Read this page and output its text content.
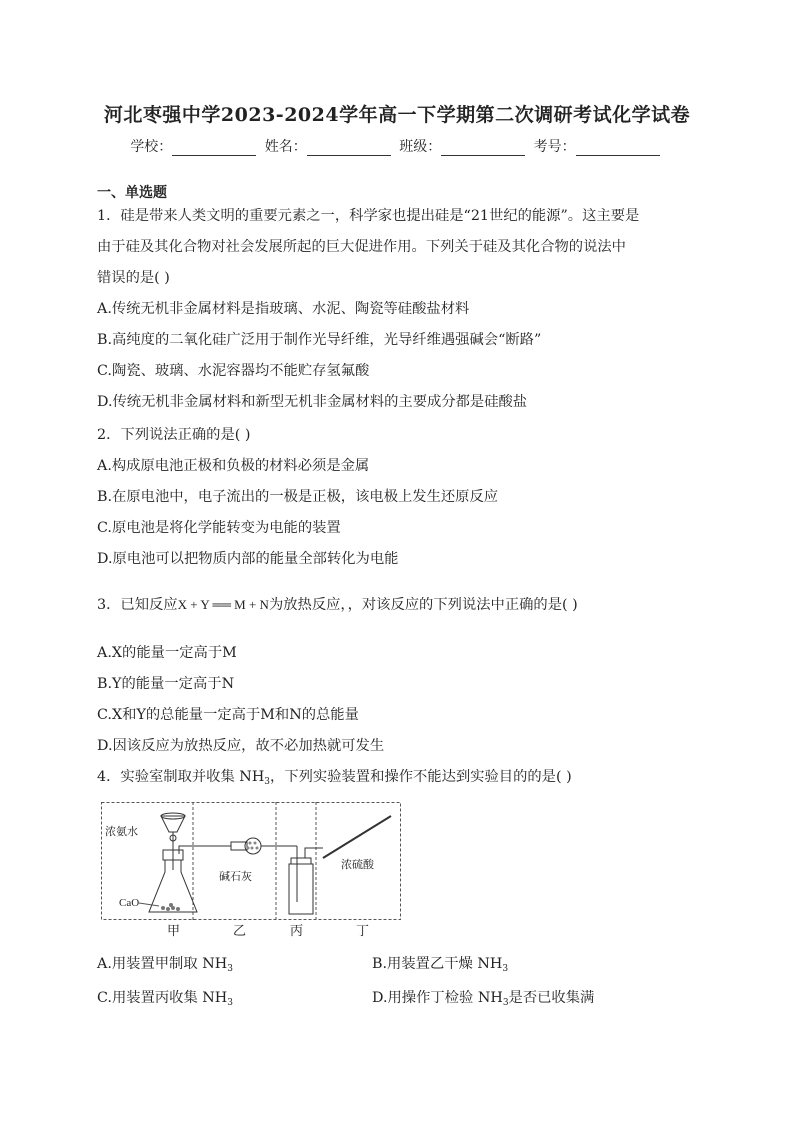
河北枣强中学2023-2024学年高一下学期第二次调研考试化学试卷
学校：	姓名：	班级：	考号：
一、单选题
1．硅是带来人类文明的重要元素之一，科学家也提出硅是“21世纪的能源”。这主要是
由于硅及其化合物对社会发展所起的巨大促进作用。下列关于硅及其化合物的说法中
错误的是( )
A.传统无机非金属材料是指玻璃、水泥、陶瓷等硅酸盐材料
B.高纯度的二氧化硅广泛用于制作光导纤维，光导纤维遇强碱会“断路”
C.陶瓷、玻璃、水泥容器均不能贮存氢氟酸
D.传统无机非金属材料和新型无机非金属材料的主要成分都是硅酸盐
2．下列说法正确的是( )
A.构成原电池正极和负极的材料必须是金属
B.在原电池中，电子流出的一极是正极，该电极上发生还原反应
C.原电池是将化学能转变为电能的装置
D.原电池可以把物质内部的能量全部转化为电能
3．已知反应X + Y ══ M + N为放热反应，，对该反应的下列说法中正确的是( )
A.X的能量一定高于M
B.Y的能量一定高于N
C.X和Y的总能量一定高于M和N的总能量
D.因该反应为放热反应，故不必加热就可发生
4．实验室制取并收集 $NH_3$，下列实验装置和操作不能达到实验目的的是( )
浓氨水
碱石灰
浓硫酸
CaO
甲	乙	丙	丁
A.用装置甲制取 $NH_3$	B.用装置乙干燥 $NH_3$
C.用装置丙收集 $NH_3$	D.用操作丁检验 $NH_3$是否已收集满
